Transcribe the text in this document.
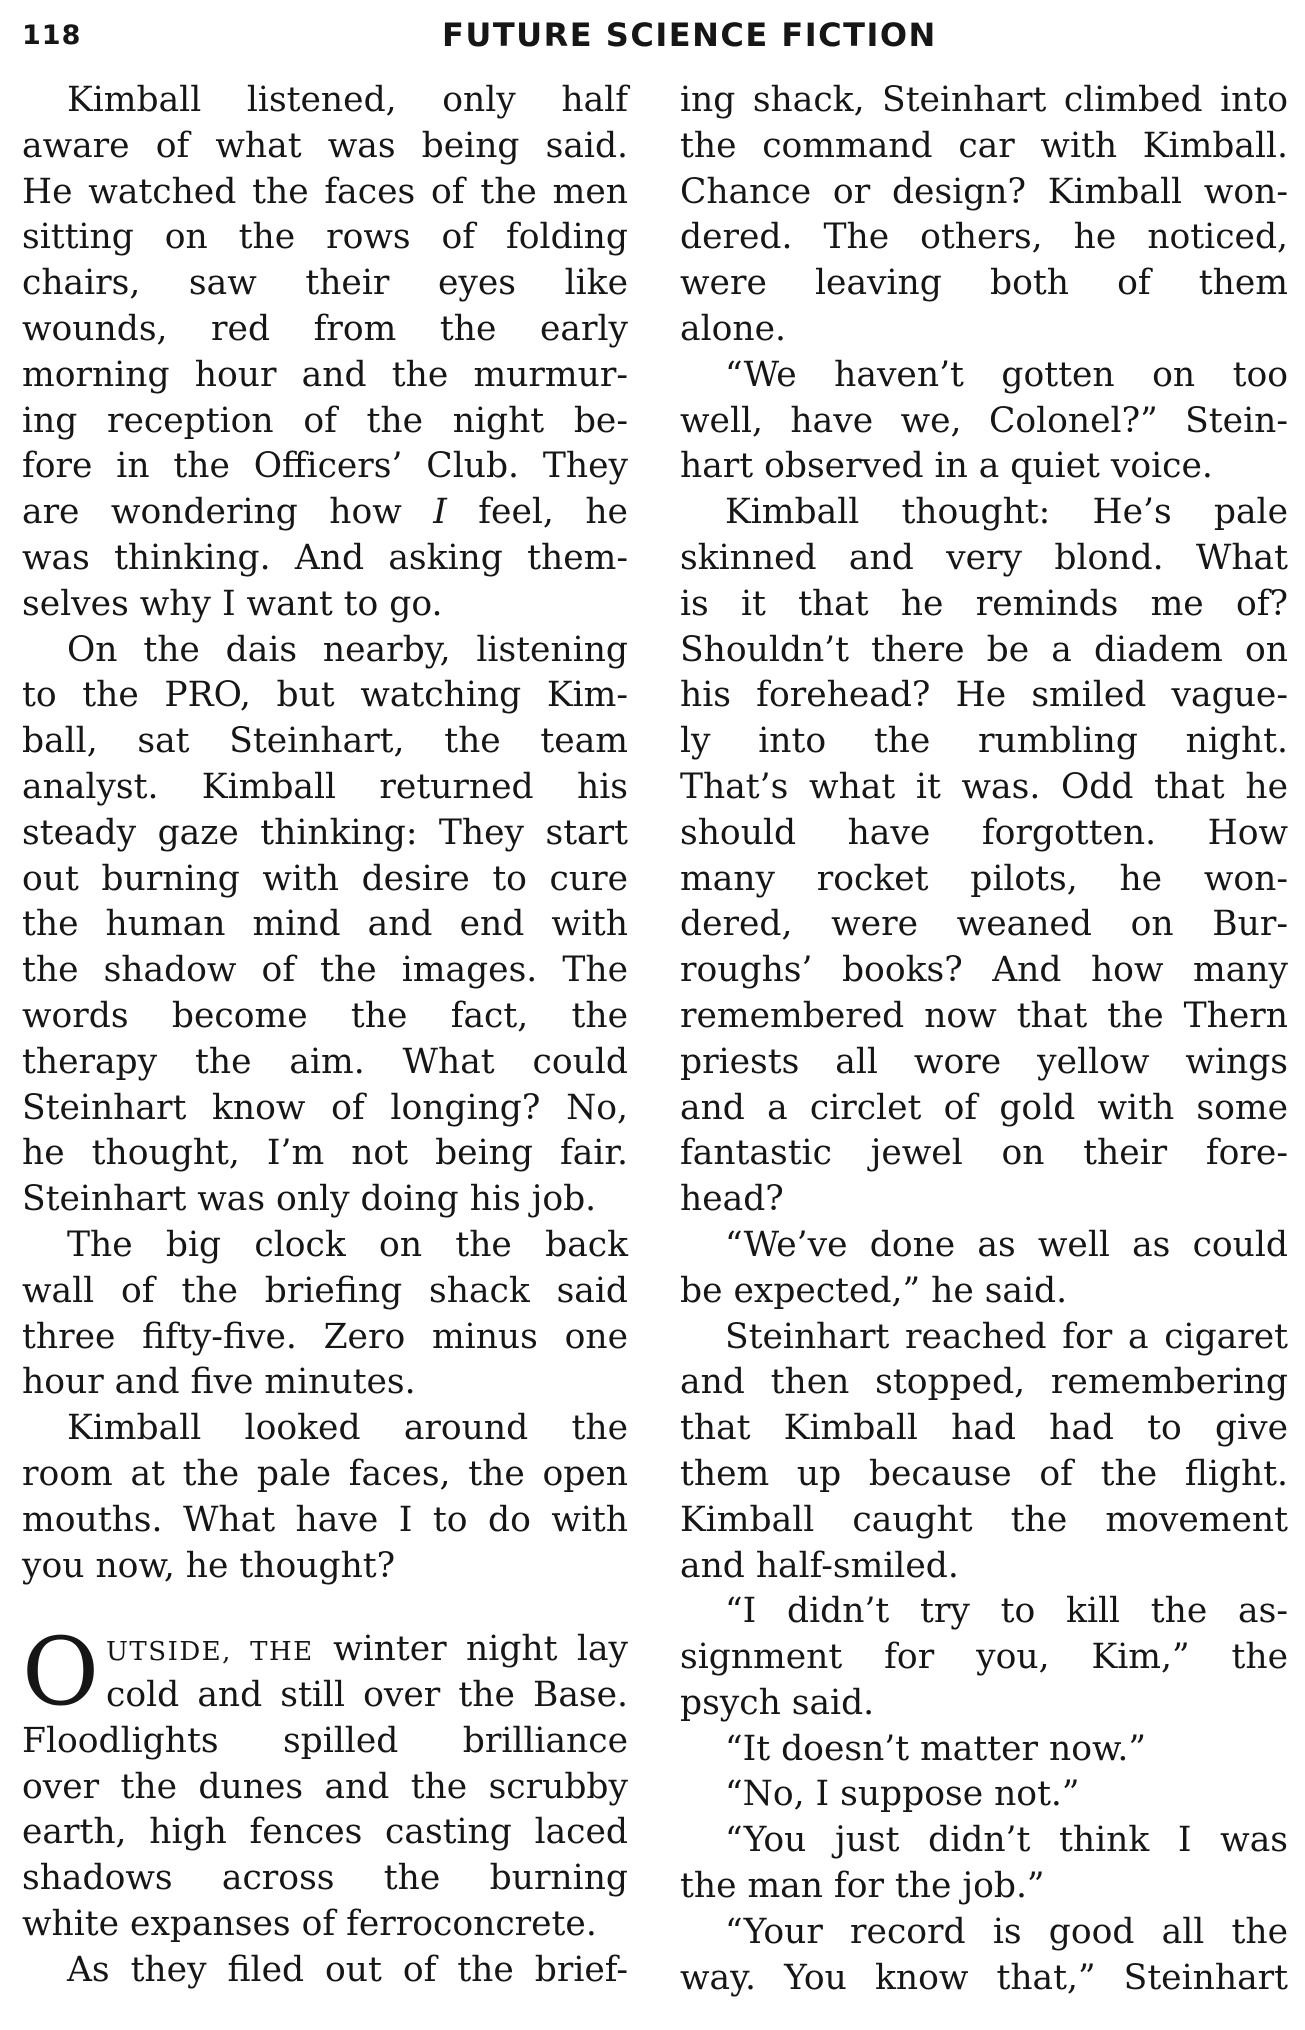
118	FUTURE SCIENCE FICTION
Kimball listened, only half
aware of what was being said.
He watched the faces of the men
sitting on the rows of folding
chairs, saw their eyes like
wounds, red from the early
morning hour and the murmur-
ing reception of the night be-
fore in the Officers’ Club. They
are wondering how I feel, he
was thinking. And asking them-
selves why I want to go.
On the dais nearby, listening
to the PRO, but watching Kim-
ball, sat Steinhart, the team
analyst. Kimball returned his
steady gaze thinking: They start
out burning with desire to cure
the human mind and end with
the shadow of the images. The
words become the fact, the
therapy the aim. What could
Steinhart know of longing? No,
he thought, I’m not being fair.
Steinhart was only doing his job.
The big clock on the back
wall of the briefing shack said
three fifty-five. Zero minus one
hour and five minutes.
Kimball looked around the
room at the pale faces, the open
mouths. What have I to do with
you now, he thought?
O UTSIDE, THE winter night lay
cold and still over the Base.
Floodlights spilled brilliance
over the dunes and the scrubby
earth, high fences casting laced
shadows across the burning
white expanses of ferroconcrete.
As they filed out of the brief-
ing shack, Steinhart climbed into
the command car with Kimball.
Chance or design? Kimball won-
dered. The others, he noticed,
were leaving both of them
alone.
“We haven’t gotten on too
well, have we, Colonel?” Stein-
hart observed in a quiet voice.
Kimball thought: He’s pale
skinned and very blond. What
is it that he reminds me of?
Shouldn’t there be a diadem on
his forehead? He smiled vague-
ly into the rumbling night.
That’s what it was. Odd that he
should have forgotten. How
many rocket pilots, he won-
dered, were weaned on Bur-
roughs’ books? And how many
remembered now that the Thern
priests all wore yellow wings
and a circlet of gold with some
fantastic jewel on their fore-
head?
“We’ve done as well as could
be expected,” he said.
Steinhart reached for a cigaret
and then stopped, remembering
that Kimball had had to give
them up because of the flight.
Kimball caught the movement
and half-smiled.
“I didn’t try to kill the as-
signment for you, Kim,” the
psych said.
“It doesn’t matter now.”
“No, I suppose not.”
“You just didn’t think I was
the man for the job.”
“Your record is good all the
way. You know that,” Steinhart
